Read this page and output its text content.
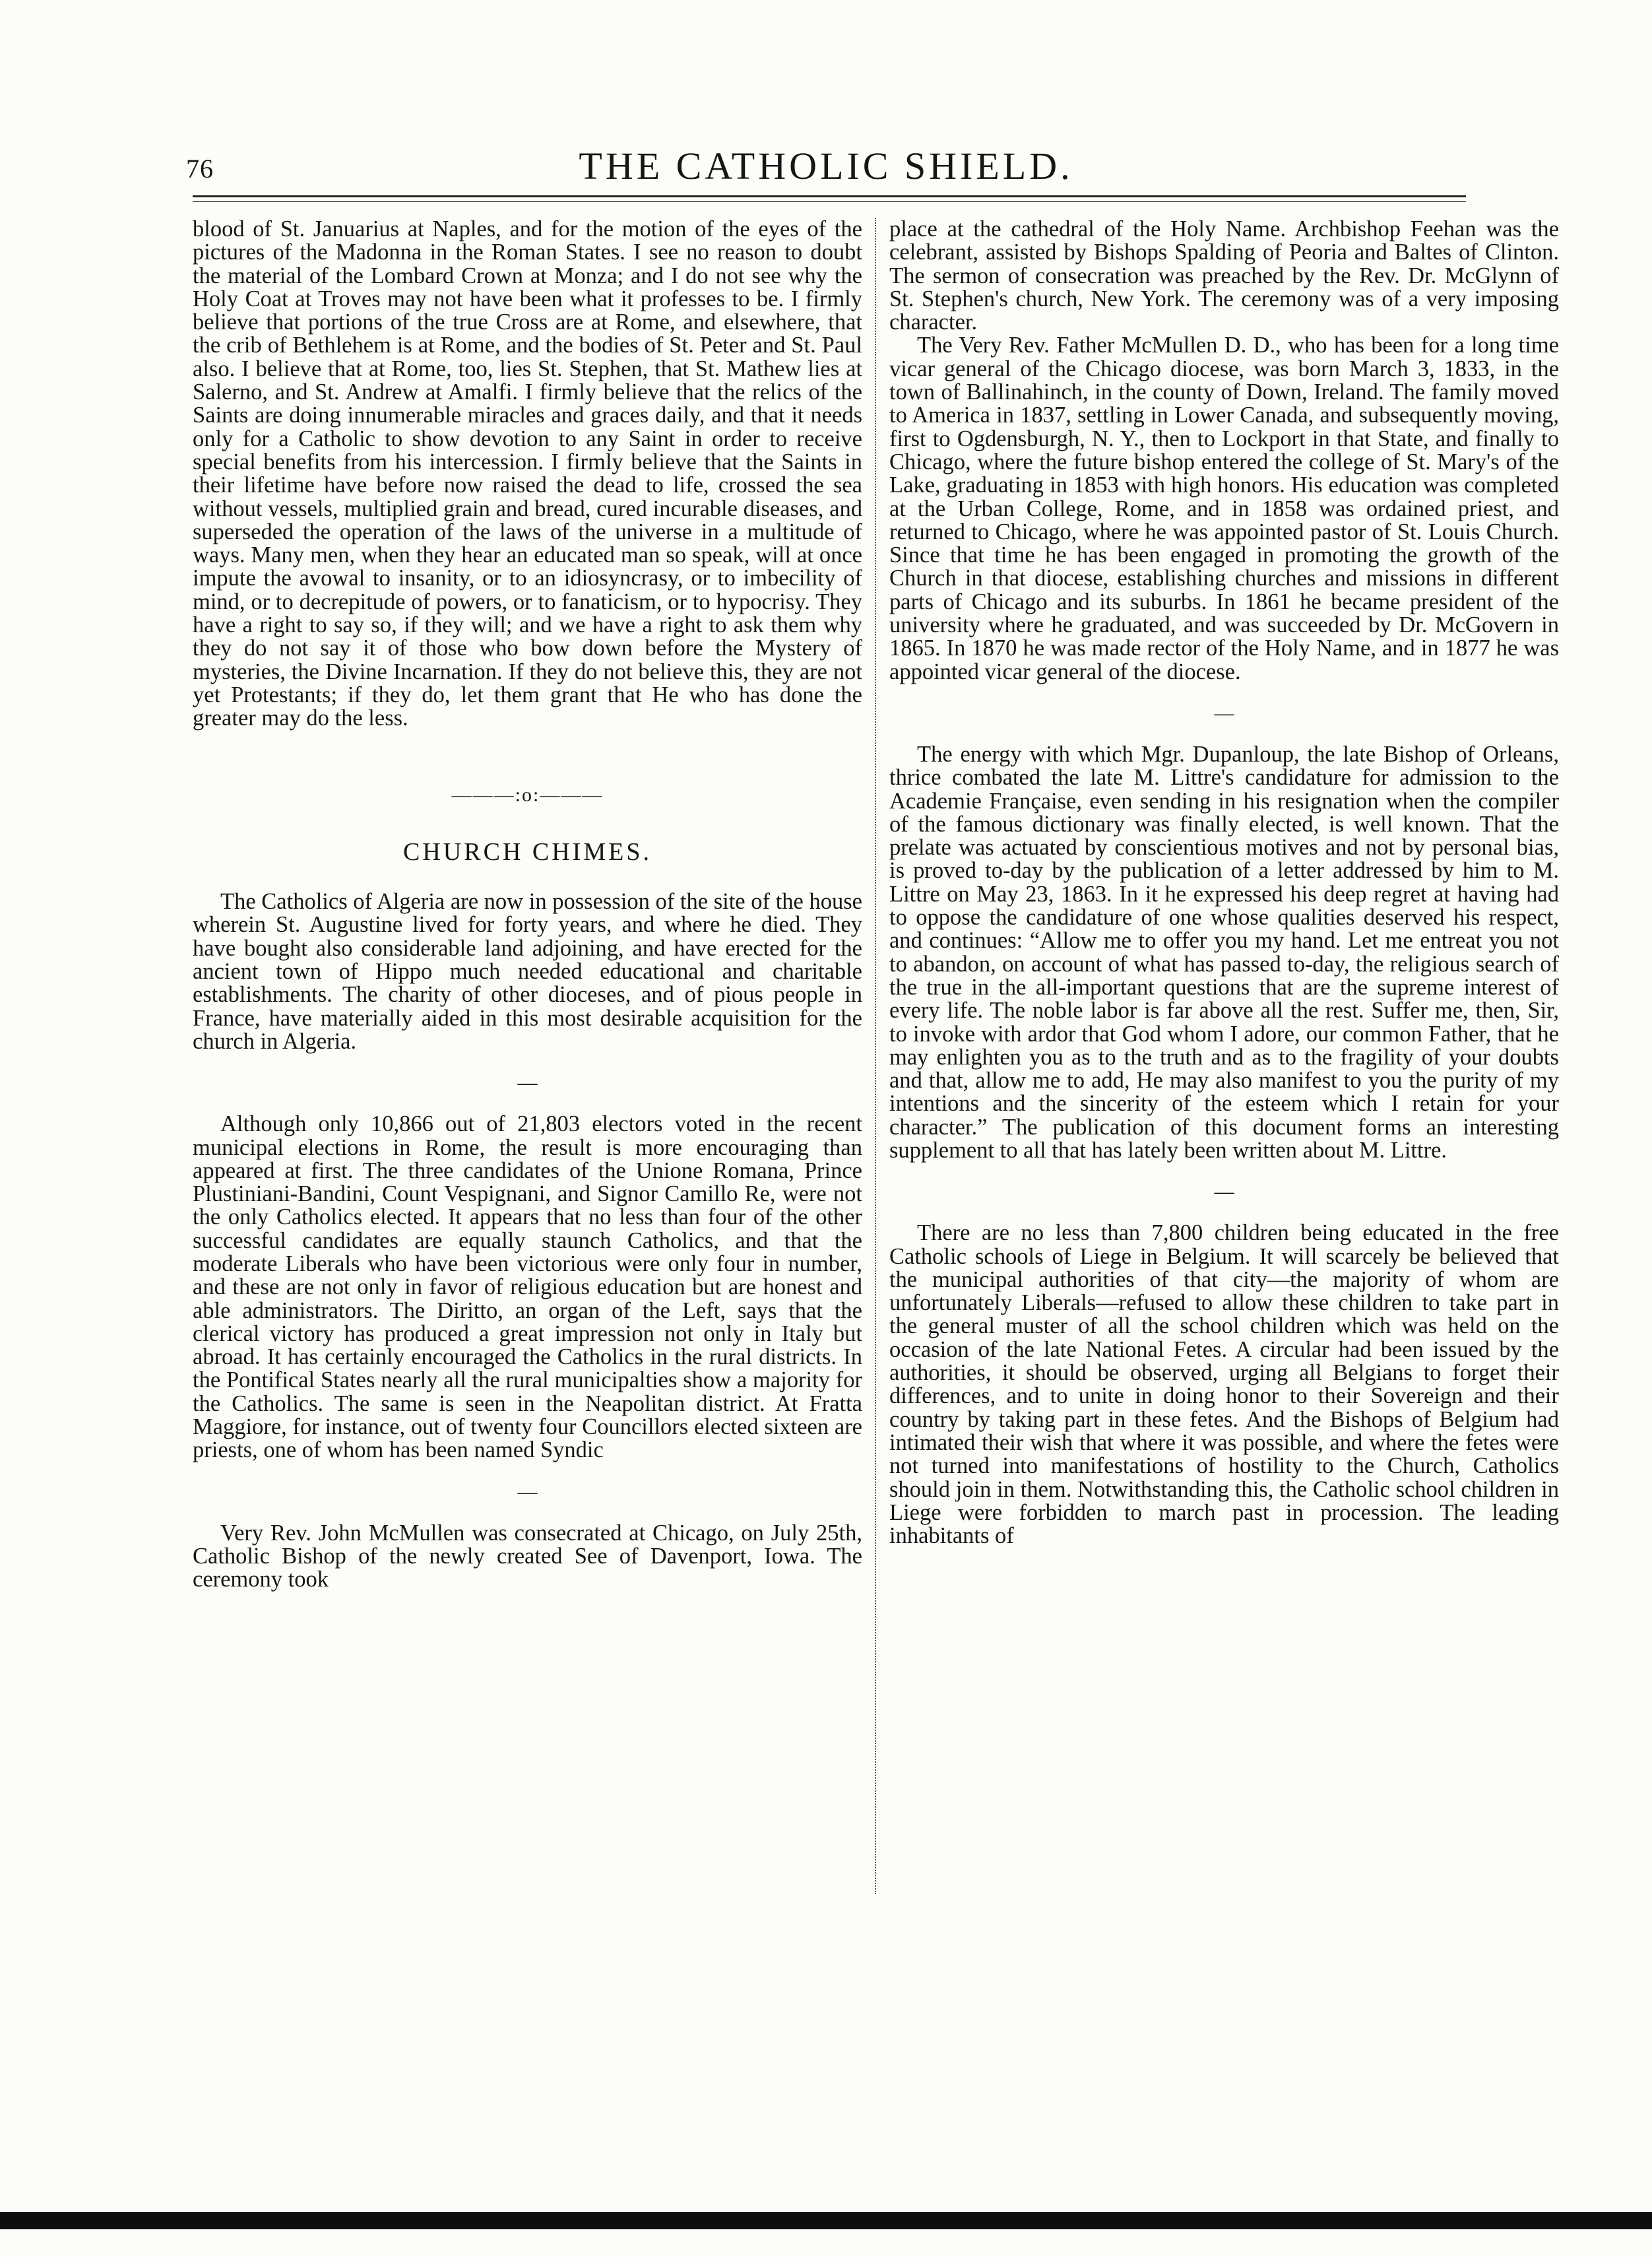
76	THE CATHOLIC SHIELD.

blood of St. Januarius at Naples, and for the motion of the eyes of the pictures of the Madonna in the Roman States. I see no reason to doubt the material of the Lombard Crown at Monza; and I do not see why the Holy Coat at Troves may not have been what it professes to be. I firmly believe that portions of the true Cross are at Rome, and elsewhere, that the crib of Bethlehem is at Rome, and the bodies of St. Peter and St. Paul also. I believe that at Rome, too, lies St. Stephen, that St. Mathew lies at Salerno, and St. Andrew at Amalfi. I firmly believe that the relics of the Saints are doing innumerable miracles and graces daily, and that it needs only for a Catholic to show devotion to any Saint in order to receive special benefits from his intercession. I firmly believe that the Saints in their lifetime have before now raised the dead to life, crossed the sea without vessels, multiplied grain and bread, cured incurable diseases, and superseded the operation of the laws of the universe in a multitude of ways. Many men, when they hear an educated man so speak, will at once impute the avowal to insanity, or to an idiosyncrasy, or to imbecility of mind, or to decrepitude of powers, or to fanaticism, or to hypocrisy. They have a right to say so, if they will; and we have a right to ask them why they do not say it of those who bow down before the Mystery of mysteries, the Divine Incarnation. If they do not believe this, they are not yet Protestants; if they do, let them grant that He who has done the greater may do the less.

———:o:———
CHURCH CHIMES.

The Catholics of Algeria are now in possession of the site of the house wherein St. Augustine lived for forty years, and where he died. They have bought also considerable land adjoining, and have erected for the ancient town of Hippo much needed educational and charitable establishments. The charity of other dioceses, and of pious people in France, have materially aided in this most desirable acquisition for the church in Algeria.

—

Although only 10,866 out of 21,803 electors voted in the recent municipal elections in Rome, the result is more encouraging than appeared at first. The three candidates of the Unione Romana, Prince Plustiniani-Bandini, Count Vespignani, and Signor Camillo Re, were not the only Catholics elected. It appears that no less than four of the other successful candidates are equally staunch Catholics, and that the moderate Liberals who have been victorious were only four in number, and these are not only in favor of religious education but are honest and able administrators. The Diritto, an organ of the Left, says that the clerical victory has produced a great impression not only in Italy but abroad. It has certainly encouraged the Catholics in the rural districts. In the Pontifical States nearly all the rural municipalties show a majority for the Catholics. The same is seen in the Neapolitan district. At Fratta Maggiore, for instance, out of twenty four Councillors elected sixteen are priests, one of whom has been named Syndic

—

Very Rev. John McMullen was consecrated at Chicago, on July 25th, Catholic Bishop of the newly created See of Davenport, Iowa. The ceremony took

place at the cathedral of the Holy Name. Archbishop Feehan was the celebrant, assisted by Bishops Spalding of Peoria and Baltes of Clinton. The sermon of consecration was preached by the Rev. Dr. McGlynn of St. Stephen's church, New York. The ceremony was of a very imposing character.

The Very Rev. Father McMullen D. D., who has been for a long time vicar general of the Chicago diocese, was born March 3, 1833, in the town of Ballinahinch, in the county of Down, Ireland. The family moved to America in 1837, settling in Lower Canada, and subsequently moving, first to Ogdensburgh, N. Y., then to Lockport in that State, and finally to Chicago, where the future bishop entered the college of St. Mary's of the Lake, graduating in 1853 with high honors. His education was completed at the Urban College, Rome, and in 1858 was ordained priest, and returned to Chicago, where he was appointed pastor of St. Louis Church. Since that time he has been engaged in promoting the growth of the Church in that diocese, establishing churches and missions in different parts of Chicago and its suburbs. In 1861 he became president of the university where he graduated, and was succeeded by Dr. McGovern in 1865. In 1870 he was made rector of the Holy Name, and in 1877 he was appointed vicar general of the diocese.

—

The energy with which Mgr. Dupanloup, the late Bishop of Orleans, thrice combated the late M. Littre's candidature for admission to the Academie Française, even sending in his resignation when the compiler of the famous dictionary was finally elected, is well known. That the prelate was actuated by conscientious motives and not by personal bias, is proved to-day by the publication of a letter addressed by him to M. Littre on May 23, 1863. In it he expressed his deep regret at having had to oppose the candidature of one whose qualities deserved his respect, and continues: “Allow me to offer you my hand. Let me entreat you not to abandon, on account of what has passed to-day, the religious search of the true in the all-important questions that are the supreme interest of every life. The noble labor is far above all the rest. Suffer me, then, Sir, to invoke with ardor that God whom I adore, our common Father, that he may enlighten you as to the truth and as to the fragility of your doubts and that, allow me to add, He may also manifest to you the purity of my intentions and the sincerity of the esteem which I retain for your character.” The publication of this document forms an interesting supplement to all that has lately been written about M. Littre.

—

There are no less than 7,800 children being educated in the free Catholic schools of Liege in Belgium. It will scarcely be believed that the municipal authorities of that city—the majority of whom are unfortunately Liberals—refused to allow these children to take part in the general muster of all the school children which was held on the occasion of the late National Fetes. A circular had been issued by the authorities, it should be observed, urging all Belgians to forget their differences, and to unite in doing honor to their Sovereign and their country by taking part in these fetes. And the Bishops of Belgium had intimated their wish that where it was possible, and where the fetes were not turned into manifestations of hostility to the Church, Catholics should join in them. Notwithstanding this, the Catholic school children in Liege were forbidden to march past in procession. The leading inhabitants of
